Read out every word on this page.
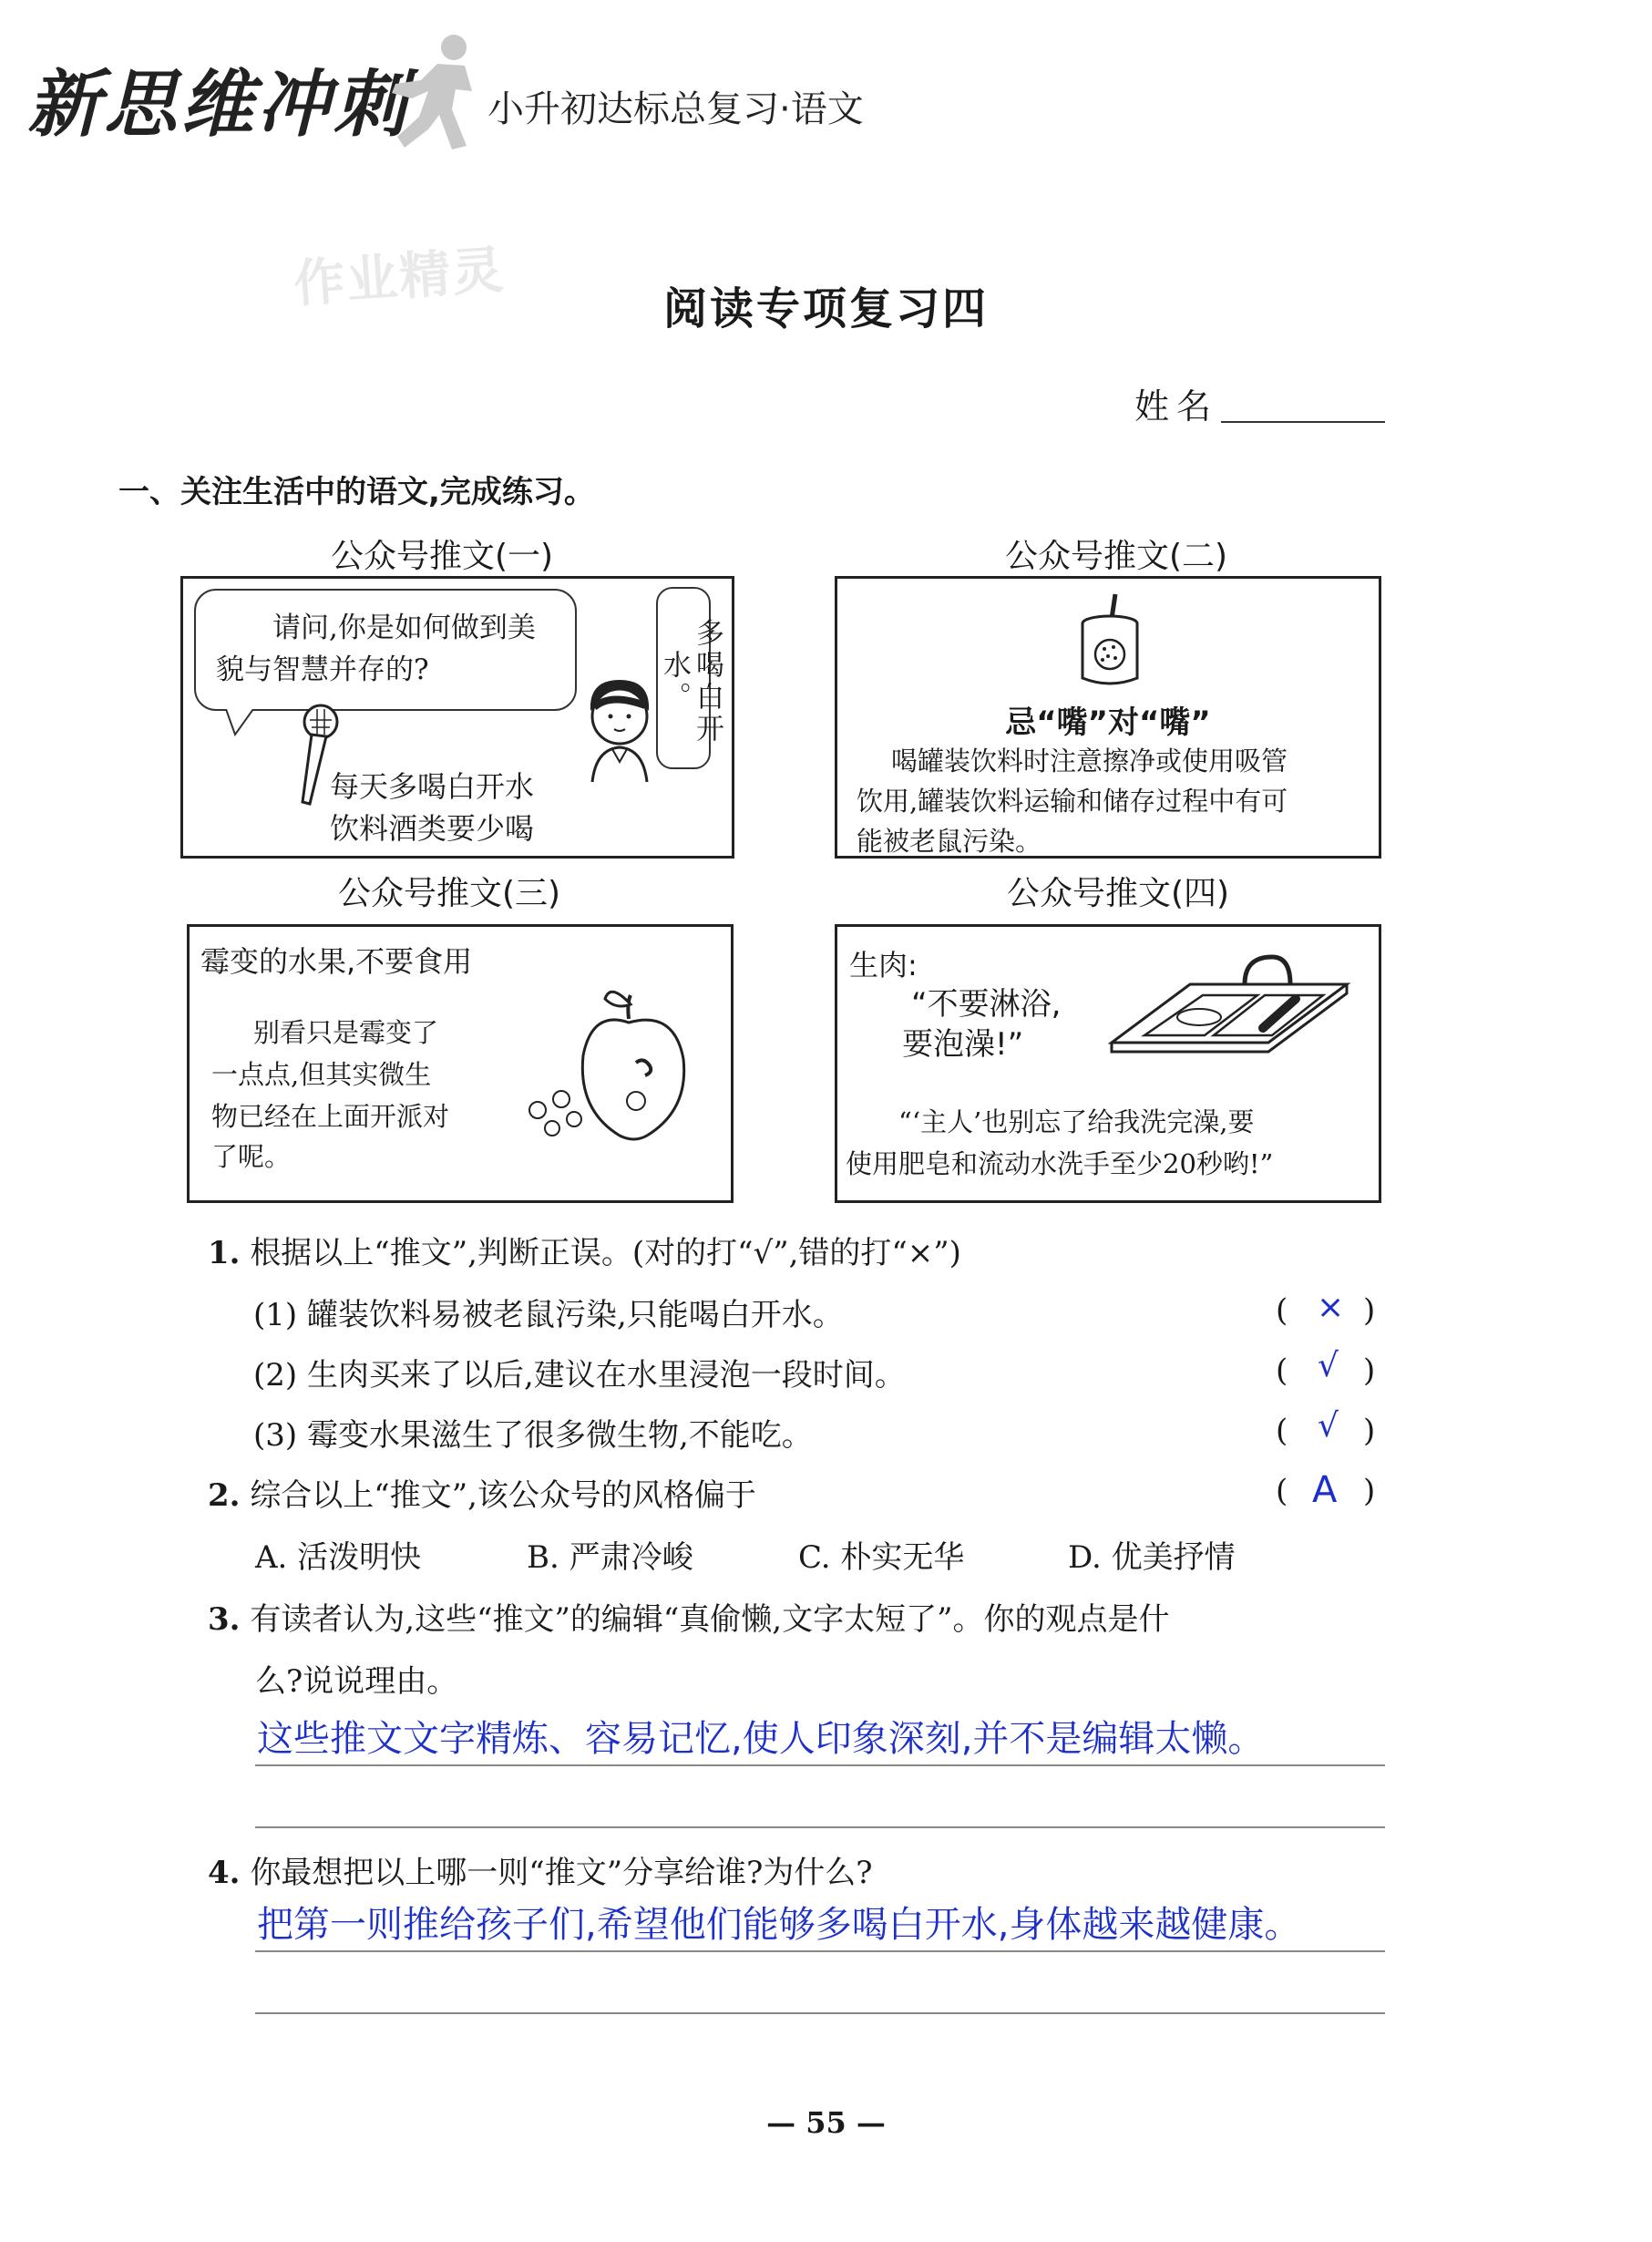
新思维冲刺 小升初达标总复习·语文
作业精灵	阅读专项复习四
姓名
一、关注生活中的语文,完成练习。
公众号推文(一)
请问,你是如何做到美
貌与智慧并存的?	多喝白开水。
每天多喝白开水
饮料酒类要少喝
公众号推文(二)
忌“嘴”对“嘴”
喝罐装饮料时注意擦净或使用吸管
饮用,罐装饮料运输和储存过程中有可
能被老鼠污染。
公众号推文(三)
霉变的水果,不要食用
别看只是霉变了
一点点,但其实微生
物已经在上面开派对
了呢。
公众号推文(四)
生肉:
“不要淋浴,
要泡澡!”
“‘主人’也别忘了给我洗完澡,要
使用肥皂和流动水洗手至少20秒哟!”
1. 根据以上“推文”,判断正误。(对的打“√”,错的打“×”)
(1) 罐装饮料易被老鼠污染,只能喝白开水。	( × )
(2) 生肉买来了以后,建议在水里浸泡一段时间。	( √ )
(3) 霉变水果滋生了很多微生物,不能吃。	( √ )
2. 综合以上“推文”,该公众号的风格偏于	( A )
A. 活泼明快	B. 严肃冷峻	C. 朴实无华	D. 优美抒情
3. 有读者认为,这些“推文”的编辑“真偷懒,文字太短了”。你的观点是什
么?说说理由。
这些推文文字精炼、容易记忆,使人印象深刻,并不是编辑太懒。
4. 你最想把以上哪一则“推文”分享给谁?为什么?
把第一则推给孩子们,希望他们能够多喝白开水,身体越来越健康。
— 55 —
